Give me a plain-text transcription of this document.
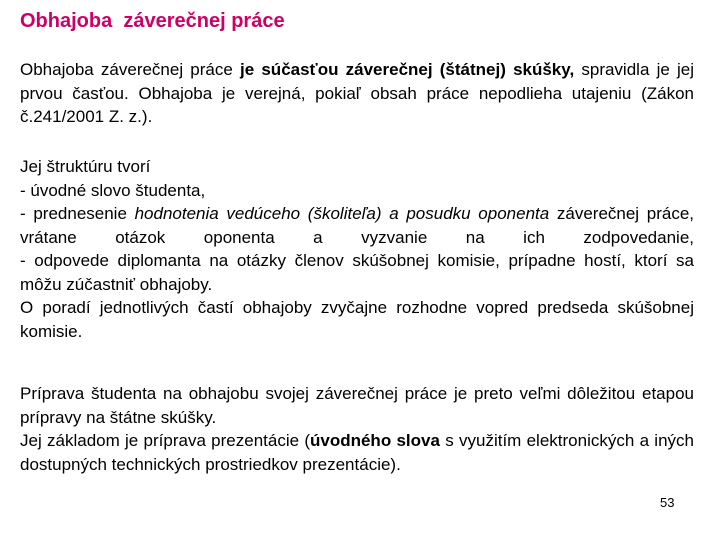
Obhajoba  záverečnej práce
Obhajoba záverečnej práce je súčasťou záverečnej (štátnej) skúšky, spravidla je jej prvou časťou. Obhajoba je verejná, pokiaľ obsah práce nepodlieha utajeniu (Zákon č.241/2001 Z. z.).
Jej štruktúru tvorí
- úvodné slovo študenta,
- prednesenie hodnotenia vedúceho (školiteľa) a posudku oponenta záverečnej práce, vrátane otázok oponenta a vyzvanie na ich zodpovedanie,
- odpovede diplomanta na otázky členov skúšobnej komisie, prípadne hostí, ktorí sa môžu zúčastniť obhajoby.
O poradí jednotlivých častí obhajoby zvyčajne rozhodne vopred predseda skúšobnej komisie.
Príprava študenta na obhajobu svojej záverečnej práce je preto veľmi dôležitou etapou prípravy na štátne skúšky.
Jej základom je príprava prezentácie (úvodného slova s využitím elektronických a iných dostupných technických prostriedkov prezentácie).
53
